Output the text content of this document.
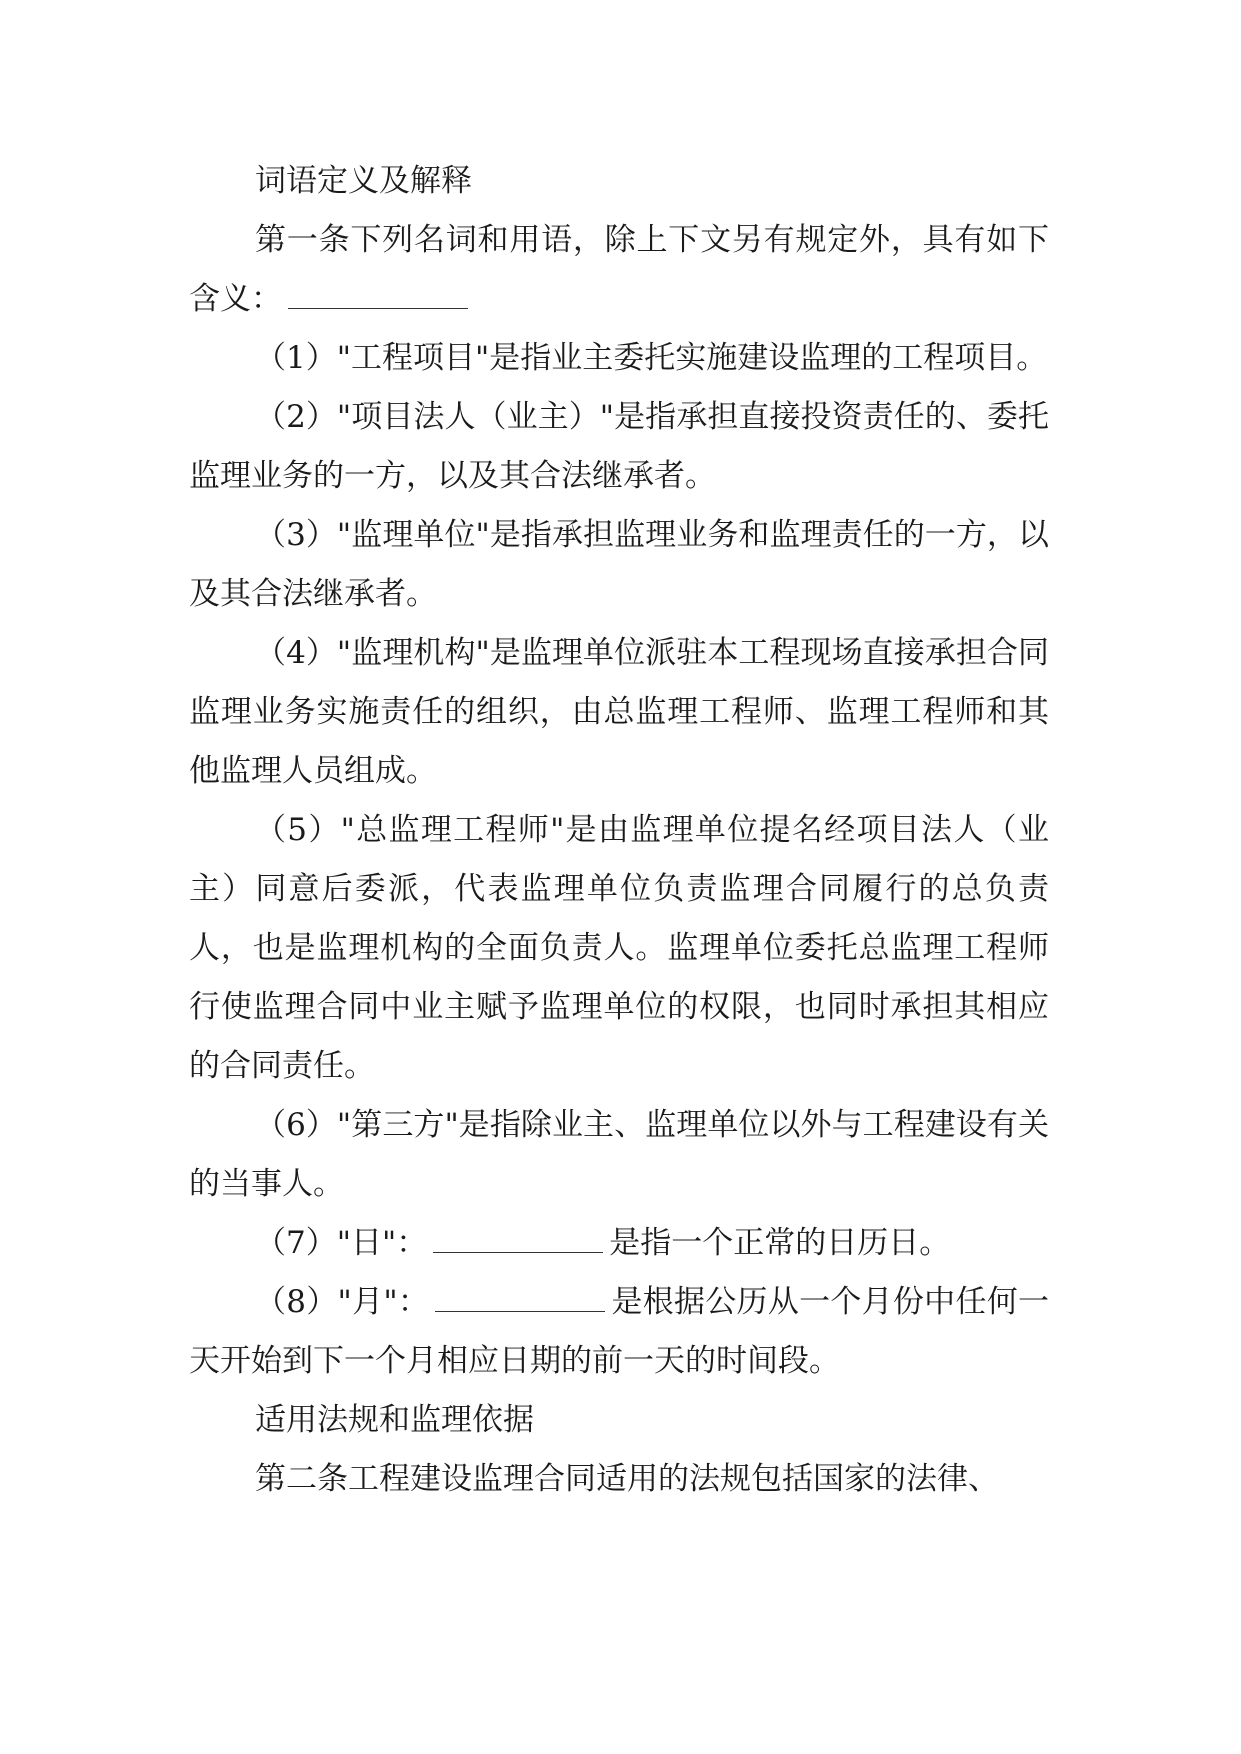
词语定义及解释

第一条下列名词和用语，除上下文另有规定外，具有如下含义：

（1）"工程项目"是指业主委托实施建设监理的工程项目。

（2）"项目法人（业主）"是指承担直接投资责任的、委托监理业务的一方，以及其合法继承者。

（3）"监理单位"是指承担监理业务和监理责任的一方，以及其合法继承者。

（4）"监理机构"是监理单位派驻本工程现场直接承担合同监理业务实施责任的组织，由总监理工程师、监理工程师和其他监理人员组成。

（5）"总监理工程师"是由监理单位提名经项目法人（业主）同意后委派，代表监理单位负责监理合同履行的总负责人，也是监理机构的全面负责人。监理单位委托总监理工程师行使监理合同中业主赋予监理单位的权限，也同时承担其相应的合同责任。

（6）"第三方"是指除业主、监理单位以外与工程建设有关的当事人。

（7）"日"：	是指一个正常的日历日。

（8）"月"：	是根据公历从一个月份中任何一天开始到下一个月相应日期的前一天的时间段。

适用法规和监理依据

第二条工程建设监理合同适用的法规包括国家的法律、
